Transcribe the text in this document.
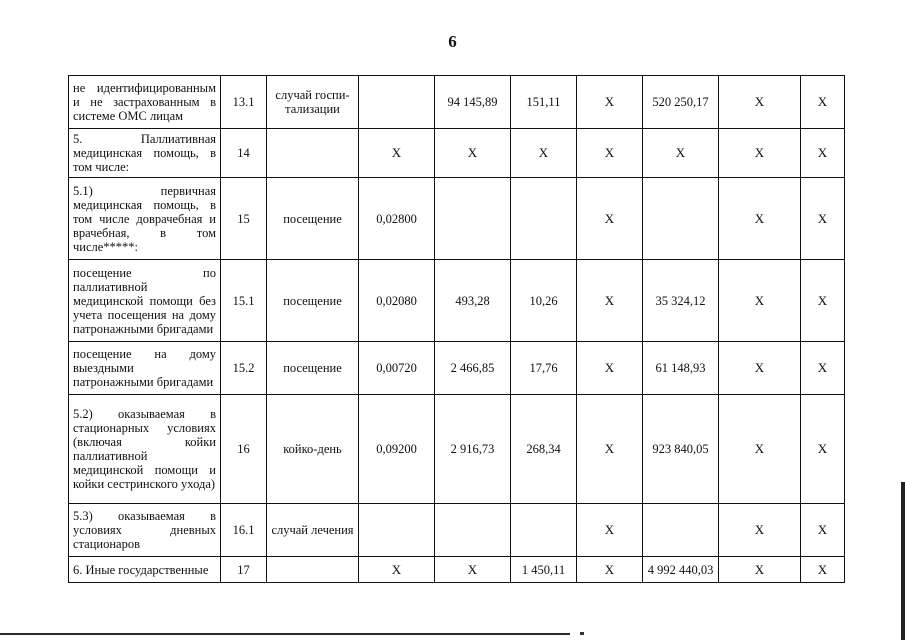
6
не идентифицированным и не застрахованным в системе ОМС лицам	13.1	случай госпи-тализации		94 145,89	151,11	X	520 250,17	X	X
5. Паллиативная медицинская помощь, в том числе:	14		X	X	X	X	X	X	X
5.1) первичная медицинская помощь, в том числе доврачебная и врачебная, в том числе*****:	15	посещение	0,02800			X		X	X
посещение по паллиативной медицинской помощи без учета посещения на дому патронажными бригадами	15.1	посещение	0,02080	493,28	10,26	X	35 324,12	X	X
посещение на дому выездными патронажными бригадами	15.2	посещение	0,00720	2 466,85	17,76	X	61 148,93	X	X
5.2) оказываемая в стационарных условиях (включая койки паллиативной медицинской помощи и койки сестринского ухода)	16	койко-день	0,09200	2 916,73	268,34	X	923 840,05	X	X
5.3) оказываемая в условиях дневных стационаров	16.1	случай лечения				X		X	X
6. Иные государственные	17		X	X	1 450,11	X	4 992 440,03	X	X
